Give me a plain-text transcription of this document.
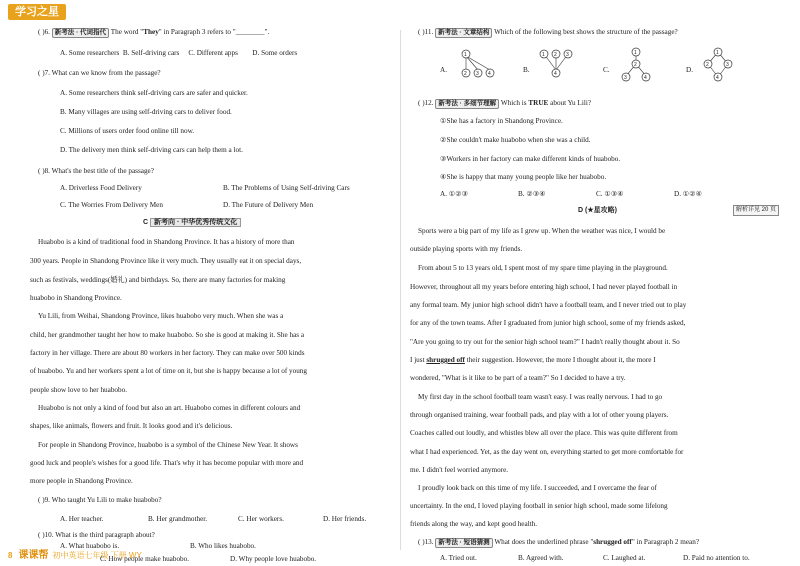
学习之星
( )6. 新考法 · 代词指代 The word "They" in Paragraph 3 refers to "________".
A. Some researchers  B. Self-driving cars     C. Different apps        D. Some orders
( )7. What can we know from the passage?
A. Some researchers think self-driving cars are safer and quicker.
B. Many villages are using self-driving cars to deliver food.
C. Millions of users order food online till now.
D. The delivery men think self-driving cars can help them a lot.
( )8. What's the best title of the passage?
A. Driverless Food Delivery	B. The Problems of Using Self-driving Cars
C. The Worries From Delivery Men	D. The Future of Delivery Men
C 新考向 · 中华优秀传统文化
Huabobo is a kind of traditional food in Shandong Province. It has a history of more than
300 years. People in Shandong Province like it very much. They usually eat it on special days,
such as festivals, weddings(婚礼) and birthdays. So, there are many factories for making
huabobo in Shandong Province.
Yu Lili, from Weihai, Shandong Province, likes huabobo very much. When she was a
child, her grandmother taught her how to make huabobo. So she is good at making it. She has a
factory in her village. There are about 80 workers in her factory. They can make over 500 kinds
of huabobo. Yu and her workers spent a lot of time on it, but she is happy because a lot of young
people show love to her huabobo.
Huabobo is not only a kind of food but also an art. Huabobo comes in different colours and
shapes, like animals, flowers and fruit. It looks good and it's delicious.
For people in Shandong Province, huabobo is a symbol of the Chinese New Year. It shows
good luck and people's wishes for a good life. That's why it has become popular with more and
more people in Shandong Province.
( )9. Who taught Yu Lili to make huabobo?
A. Her teacher.	B. Her grandmother.	C. Her workers.	D. Her friends.
( )10. What is the third paragraph about?
A. What huabobo is.	B. Who likes huabobo.
8 课课帮 初中英语七年级 下册 WY
C. How people make huabobo.	D. Why people love huabobo.
( )11. 新考法 · 文章结构 Which of the following best shows the structure of the passage?
A.
1
2 3 4	B.
1 2 3
4	C.
1
2
3	4
D.
1
2	3
4
( )12. 新考法 · 多细节理解 Which is TRUE about Yu Lili?
①She has a factory in Shandong Province.
②She couldn't make huabobo when she was a child.
③Workers in her factory can make different kinds of huabobo.
④She is happy that many young people like her huabobo.
A. ①②③	B. ②③④	C. ①③④	D. ①②④
D (★星攻略)	解析详见 20 页
Sports were a big part of my life as I grew up. When the weather was nice, I would be
outside playing sports with my friends.
From about 5 to 13 years old, I spent most of my spare time playing in the playground.
However, throughout all my years before entering high school, I had never played football in
any formal team. My junior high school didn't have a football team, and I never tried out to play
for any of the town teams. After I graduated from junior high school, some of my friends asked,
"Are you going to try out for the senior high school team?" I hadn't really thought about it. So
I just shrugged off their suggestion. However, the more I thought about it, the more I
wondered, "What is it like to be part of a team?" So I decided to have a try.
My first day in the school football team wasn't easy. I was really nervous. I had to go
through organised training, wear football pads, and play with a lot of other young players.
Coaches called out loudly, and whistles blew all over the place. This was quite different from
what I had experienced. Yet, as the day went on, everything started to get more comfortable for
me. I didn't feel worried anymore.
I proudly look back on this time of my life. I succeeded, and I overcame the fear of
uncertainty. In the end, I loved playing football in senior high school, made some lifelong
friends along the way, and kept good health.
( )13. 新考法 · 短语猜测 What does the underlined phrase "shrugged off" in Paragraph 2 mean?
A. Tried out.	B. Agreed with.	C. Laughed at.	D. Paid no attention to.
